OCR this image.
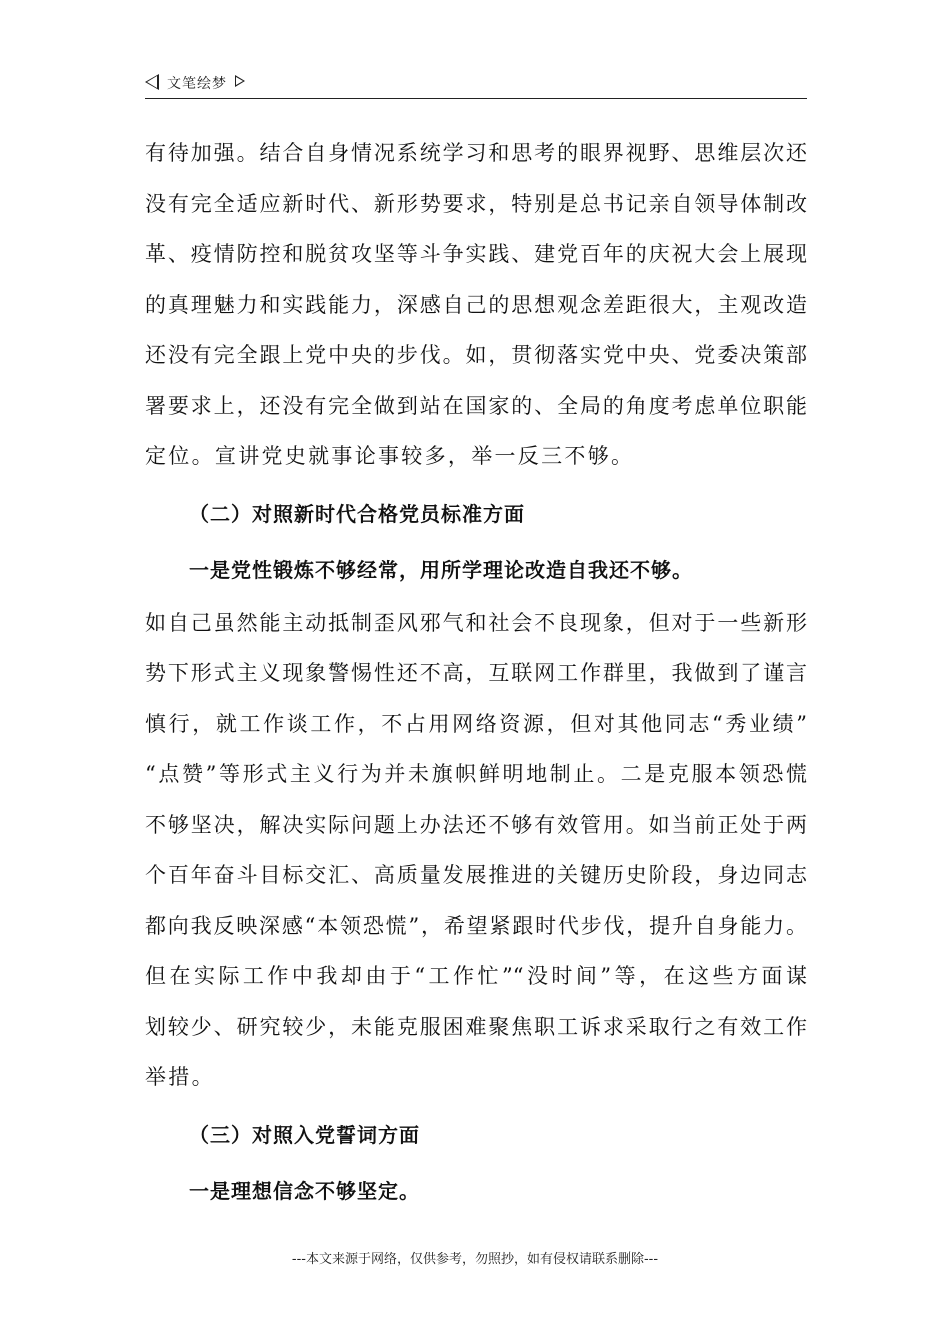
文笔绘梦
有待加强。结合自身情况系统学习和思考的眼界视野、思维层次还
没有完全适应新时代、新形势要求，特别是总书记亲自领导体制改
革、疫情防控和脱贫攻坚等斗争实践、建党百年的庆祝大会上展现
的真理魅力和实践能力，深感自己的思想观念差距很大，主观改造
还没有完全跟上党中央的步伐。如，贯彻落实党中央、党委决策部
署要求上，还没有完全做到站在国家的、全局的角度考虑单位职能
定位。宣讲党史就事论事较多，举一反三不够。
（二）对照新时代合格党员标准方面
一是党性锻炼不够经常，用所学理论改造自我还不够。
如自己虽然能主动抵制歪风邪气和社会不良现象，但对于一些新形
势下形式主义现象警惕性还不高，互联网工作群里，我做到了谨言
慎行，就工作谈工作，不占用网络资源，但对其他同志“秀业绩”
“点赞”等形式主义行为并未旗帜鲜明地制止。二是克服本领恐慌
不够坚决，解决实际问题上办法还不够有效管用。如当前正处于两
个百年奋斗目标交汇、高质量发展推进的关键历史阶段，身边同志
都向我反映深感“本领恐慌”，希望紧跟时代步伐，提升自身能力。
但在实际工作中我却由于“工作忙”“没时间”等，在这些方面谋
划较少、研究较少，未能克服困难聚焦职工诉求采取行之有效工作
举措。
（三）对照入党誓词方面
一是理想信念不够坚定。
---本文来源于网络，仅供参考，勿照抄，如有侵权请联系删除---
